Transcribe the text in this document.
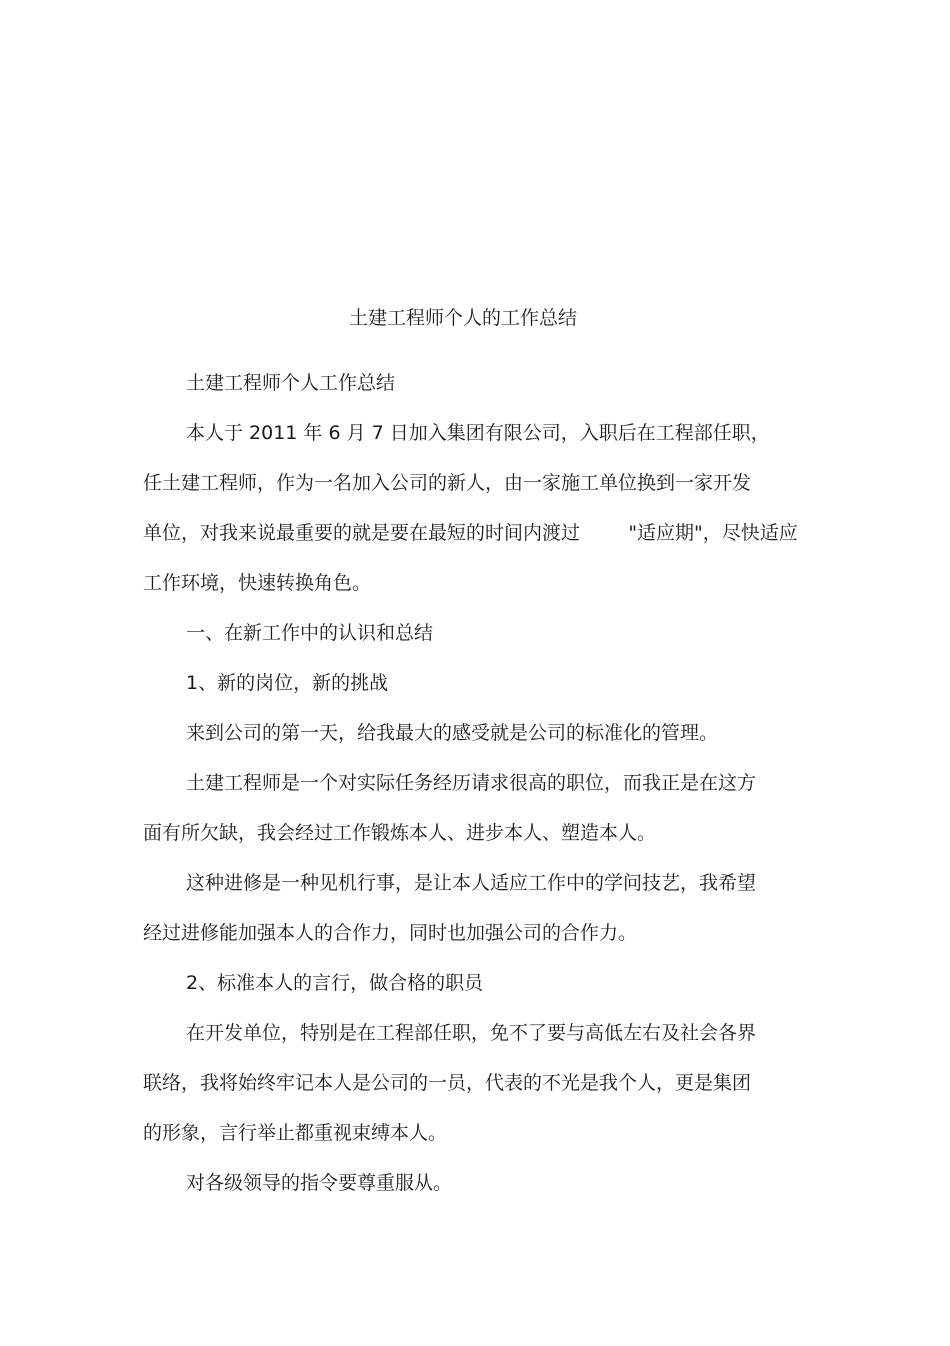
土建工程师个人的工作总结
土建工程师个人工作总结
本人于 2011 年 6 月 7 日加入集团有限公司，入职后在工程部任职，
任土建工程师，作为一名加入公司的新人，由一家施工单位换到一家开发
单位，对我来说最重要的就是要在最短的时间内渡过        "适应期"，尽快适应
工作环境，快速转换角色。
一、在新工作中的认识和总结
1、新的岗位，新的挑战
来到公司的第一天，给我最大的感受就是公司的标准化的管理。
土建工程师是一个对实际任务经历请求很高的职位，而我正是在这方
面有所欠缺，我会经过工作锻炼本人、进步本人、塑造本人。
这种进修是一种见机行事，是让本人适应工作中的学问技艺，我希望
经过进修能加强本人的合作力，同时也加强公司的合作力。
2、标准本人的言行，做合格的职员
在开发单位，特别是在工程部任职，免不了要与高低左右及社会各界
联络，我将始终牢记本人是公司的一员，代表的不光是我个人，更是集团
的形象，言行举止都重视束缚本人。
对各级领导的指令要尊重服从。
